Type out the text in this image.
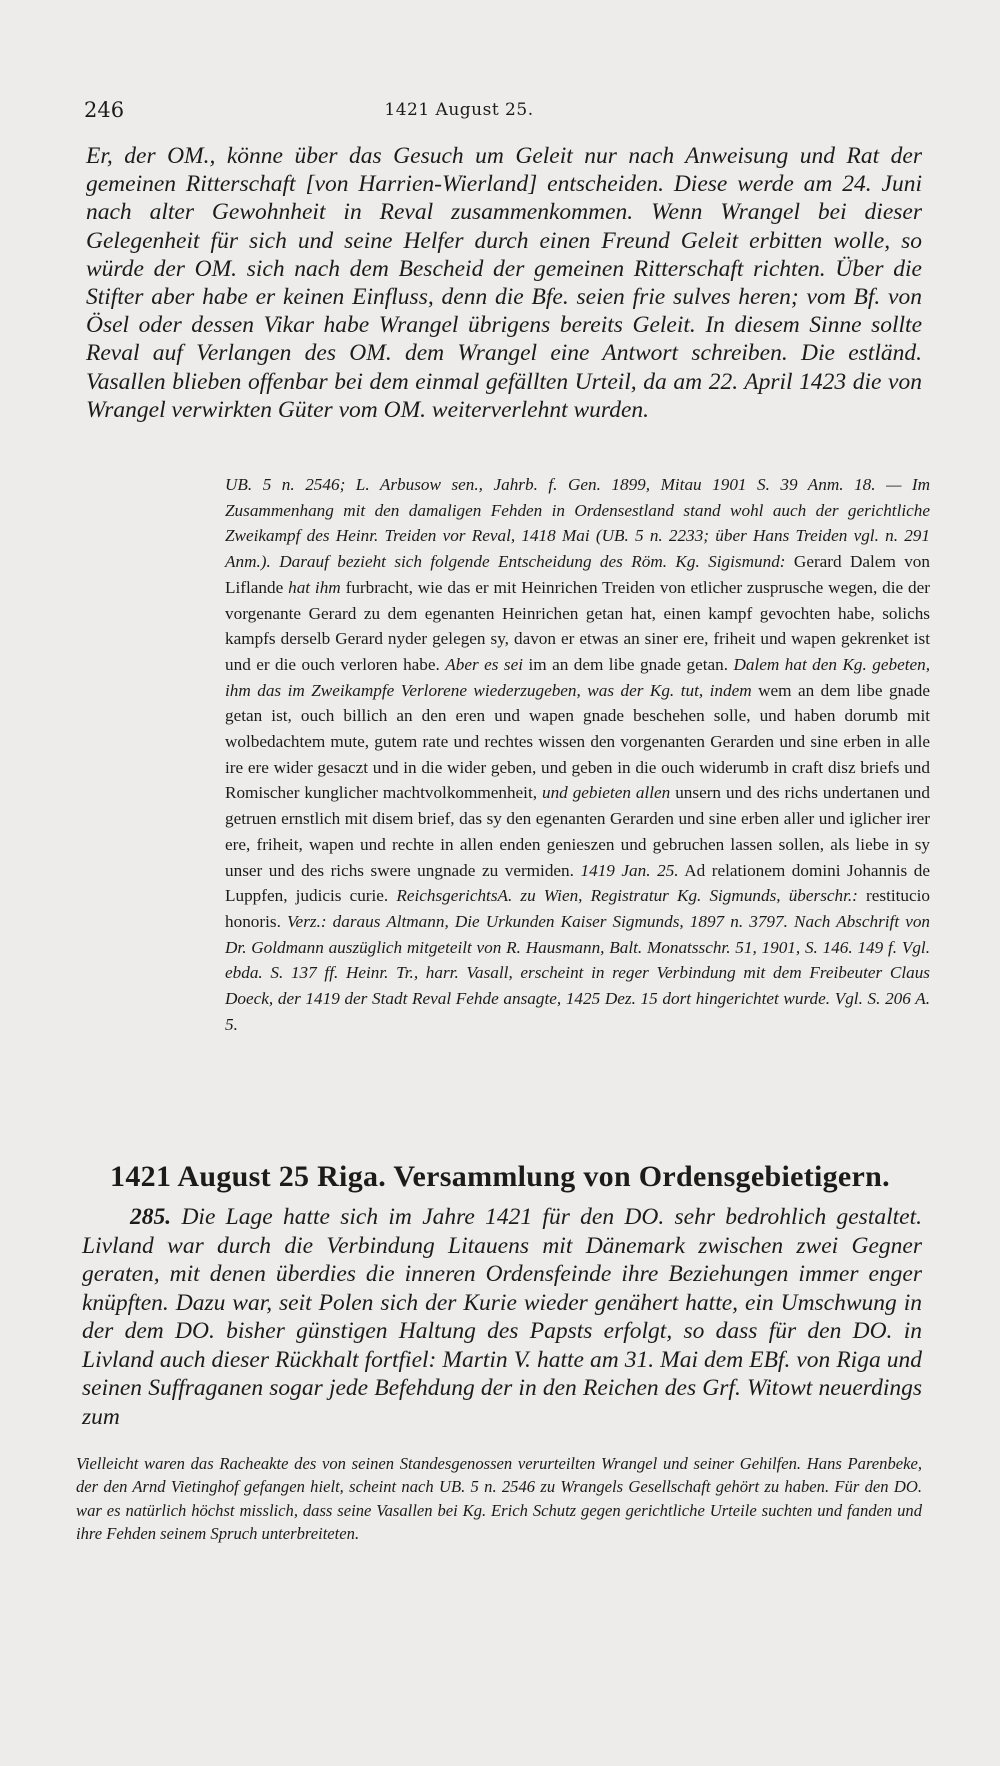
246	1421 August 25.
Er, der OM., könne über das Gesuch um Geleit nur nach Anweisung und Rat der gemeinen Ritterschaft [von Harrien-Wierland] entscheiden. Diese werde am 24. Juni nach alter Gewohnheit in Reval zusammenkommen. Wenn Wrangel bei dieser Gelegenheit für sich und seine Helfer durch einen Freund Geleit erbitten wolle, so würde der OM. sich nach dem Bescheid der gemeinen Ritterschaft richten. Über die Stifter aber habe er keinen Einfluss, denn die Bfe. seien frie sulves heren; vom Bf. von Ösel oder dessen Vikar habe Wrangel übrigens bereits Geleit. In diesem Sinne sollte Reval auf Verlangen des OM. dem Wrangel eine Antwort schreiben. Die estländ. Vasallen blieben offenbar bei dem einmal gefällten Urteil, da am 22. April 1423 die von Wrangel verwirkten Güter vom OM. weiterverlehnt wurden.
UB. 5 n. 2546; L. Arbusow sen., Jahrb. f. Gen. 1899, Mitau 1901 S. 39 Anm. 18. — Im Zusammenhang mit den damaligen Fehden in Ordensestland stand wohl auch der gerichtliche Zweikampf des Heinr. Treiden vor Reval, 1418 Mai (UB. 5 n. 2233; über Hans Treiden vgl. n. 291 Anm.). Darauf bezieht sich folgende Entscheidung des Röm. Kg. Sigismund: Gerard Dalem von Liflande hat ihm furbracht, wie das er mit Heinrichen Treiden von etlicher zusprusche wegen, die der vorgenante Gerard zu dem egenanten Heinrichen getan hat, einen kampf gevochten habe, solichs kampfs derselb Gerard nyder gelegen sy, davon er etwas an siner ere, friheit und wapen gekrenket ist und er die ouch verloren habe. Aber es sei im an dem libe gnade getan. Dalem hat den Kg. gebeten, ihm das im Zweikampfe Verlorene wiederzugeben, was der Kg. tut, indem wem an dem libe gnade getan ist, ouch billich an den eren und wapen gnade beschehen solle, und haben dorumb mit wolbedachtem mute, gutem rate und rechtes wissen den vorgenanten Gerarden und sine erben in alle ire ere wider gesaczt und in die wider geben, und geben in die ouch widerumb in craft disz briefs und Romischer kunglicher machtvolkommenheit, und gebieten allen unsern und des richs undertanen und getruen ernstlich mit disem brief, das sy den egenanten Gerarden und sine erben aller und iglicher irer ere, friheit, wapen und rechte in allen enden genieszen und gebruchen lassen sollen, als liebe in sy unser und des richs swere ungnade zu vermiden. 1419 Jan. 25. Ad relationem domini Johannis de Luppfen, judicis curie. ReichsgerichtsA. zu Wien, Registratur Kg. Sigmunds, überschr.: restitucio honoris. Verz.: daraus Altmann, Die Urkunden Kaiser Sigmunds, 1897 n. 3797. Nach Abschrift von Dr. Goldmann auszüglich mitgeteilt von R. Hausmann, Balt. Monatsschr. 51, 1901, S. 146. 149 f. Vgl. ebda. S. 137 ff. Heinr. Tr., harr. Vasall, erscheint in reger Verbindung mit dem Freibeuter Claus Doeck, der 1419 der Stadt Reval Fehde ansagte, 1425 Dez. 15 dort hingerichtet wurde. Vgl. S. 206 A. 5.
1421 August 25 Riga. Versammlung von Ordensgebietigern.
285. Die Lage hatte sich im Jahre 1421 für den DO. sehr bedrohlich gestaltet. Livland war durch die Verbindung Litauens mit Dänemark zwischen zwei Gegner geraten, mit denen überdies die inneren Ordensfeinde ihre Beziehungen immer enger knüpften. Dazu war, seit Polen sich der Kurie wieder genähert hatte, ein Umschwung in der dem DO. bisher günstigen Haltung des Papsts erfolgt, so dass für den DO. in Livland auch dieser Rückhalt fortfiel: Martin V. hatte am 31. Mai dem EBf. von Riga und seinen Suffraganen sogar jede Befehdung der in den Reichen des Grf. Witowt neuerdings zum
Vielleicht waren das Racheakte des von seinen Standesgenossen verurteilten Wrangel und seiner Gehilfen. Hans Parenbeke, der den Arnd Vietinghof gefangen hielt, scheint nach UB. 5 n. 2546 zu Wrangels Gesellschaft gehört zu haben. Für den DO. war es natürlich höchst misslich, dass seine Vasallen bei Kg. Erich Schutz gegen gerichtliche Urteile suchten und fanden und ihre Fehden seinem Spruch unterbreiteten.
